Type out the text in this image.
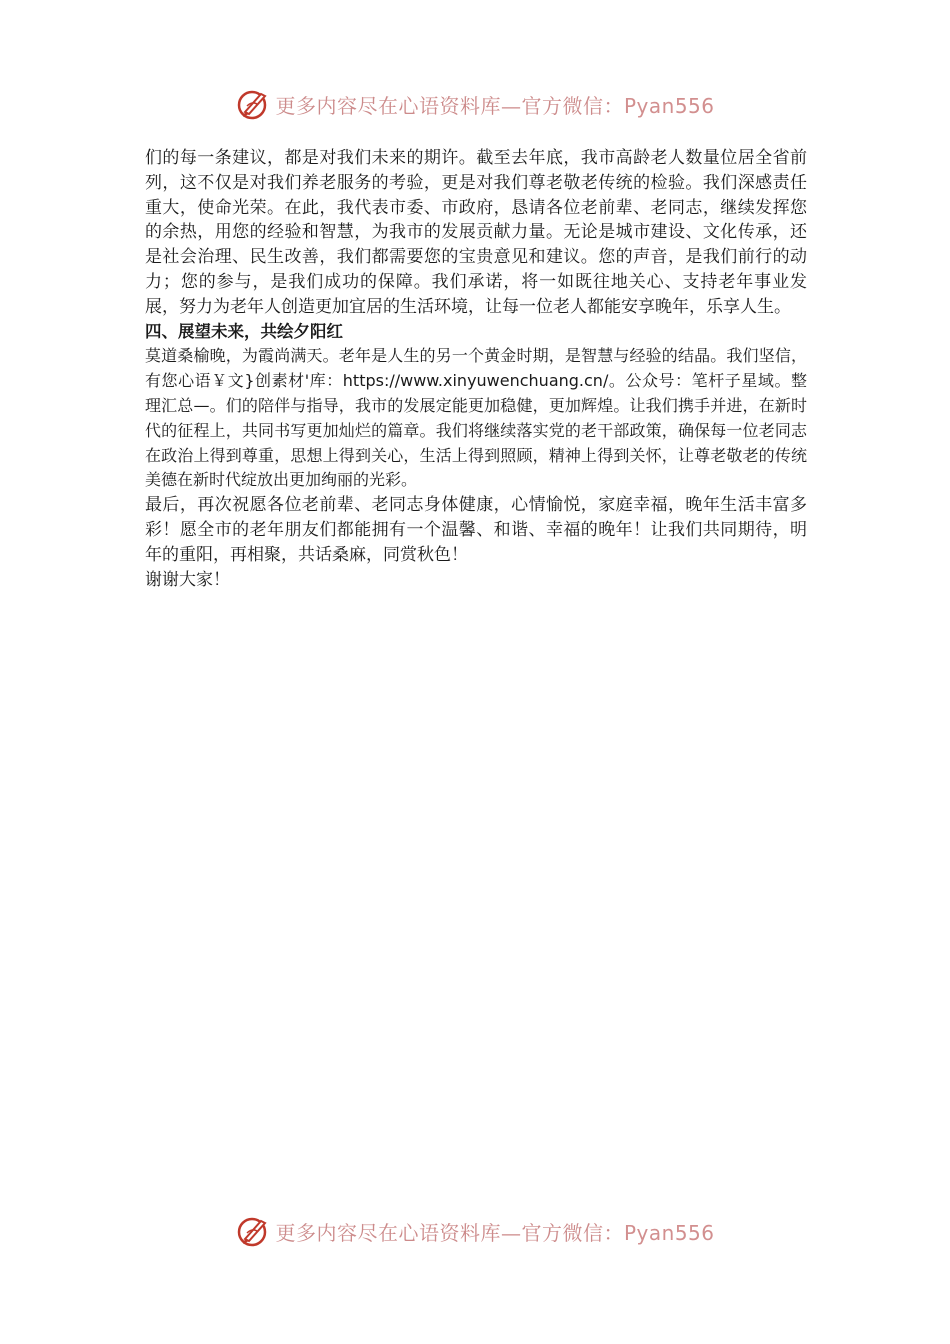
更多内容尽在心语资料库—官方微信：Pyan556

们的每一条建议，都是对我们未来的期许。截至去年底，我市高龄老人数量位居全省前列，这不仅是对我们养老服务的考验，更是对我们尊老敬老传统的检验。我们深感责任重大，使命光荣。在此，我代表市委、市政府，恳请各位老前辈、老同志，继续发挥您的余热，用您的经验和智慧，为我市的发展贡献力量。无论是城市建设、文化传承，还是社会治理、民生改善，我们都需要您的宝贵意见和建议。您的声音，是我们前行的动力；您的参与，是我们成功的保障。我们承诺，将一如既往地关心、支持老年事业发展，努力为老年人创造更加宜居的生活环境，让每一位老人都能安享晚年，乐享人生。

四、展望未来，共绘夕阳红

莫道桑榆晚，为霞尚满天。老年是人生的另一个黄金时期，是智慧与经验的结晶。我们坚信，有您心语￥文}创素材'库：https://www.xinyuwenchuang.cn/。公众号：笔杆子星域。整理汇总—。们的陪伴与指导，我市的发展定能更加稳健，更加辉煌。让我们携手并进，在新时代的征程上，共同书写更加灿烂的篇章。我们将继续落实党的老干部政策，确保每一位老同志在政治上得到尊重，思想上得到关心，生活上得到照顾，精神上得到关怀，让尊老敬老的传统美德在新时代绽放出更加绚丽的光彩。

最后，再次祝愿各位老前辈、老同志身体健康，心情愉悦，家庭幸福，晚年生活丰富多彩！愿全市的老年朋友们都能拥有一个温馨、和谐、幸福的晚年！让我们共同期待，明年的重阳，再相聚，共话桑麻，同赏秋色！

谢谢大家！

更多内容尽在心语资料库—官方微信：Pyan556
